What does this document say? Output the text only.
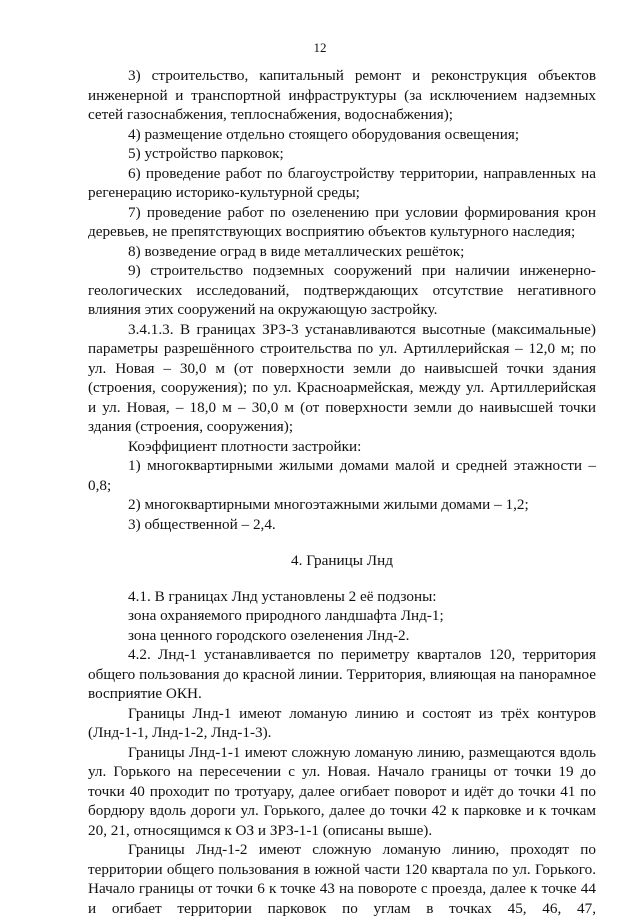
12

3) строительство, капитальный ремонт и реконструкция объектов инженерной и транспортной инфраструктуры (за исключением надземных сетей газоснабжения, теплоснабжения, водоснабжения);

4) размещение отдельно стоящего оборудования освещения;

5) устройство парковок;

6) проведение работ по благоустройству территории, направленных на регенерацию историко-культурной среды;

7) проведение работ по озеленению при условии формирования крон деревьев, не препятствующих восприятию объектов культурного наследия;

8) возведение оград в виде металлических решёток;

9) строительство подземных сооружений при наличии инженерно-геологических исследований, подтверждающих отсутствие негативного влияния этих сооружений на окружающую застройку.

3.4.1.3. В границах ЗРЗ-3 устанавливаются высотные (максимальные) параметры разрешённого строительства по ул. Артиллерийская – 12,0 м; по ул. Новая – 30,0 м (от поверхности земли до наивысшей точки здания (строения, сооружения); по ул. Красноармейская, между ул. Артиллерийская и ул. Новая, – 18,0 м – 30,0 м (от поверхности земли до наивысшей точки здания (строения, сооружения);

Коэффициент плотности застройки:

1) многоквартирными жилыми домами малой и средней этажности – 0,8;

2) многоквартирными многоэтажными жилыми домами – 1,2;

3) общественной – 2,4.

4. Границы Лнд

4.1. В границах Лнд установлены 2 её подзоны:

зона охраняемого природного ландшафта Лнд-1;

зона ценного городского озеленения Лнд-2.

4.2. Лнд-1 устанавливается по периметру кварталов 120, территория общего пользования до красной линии. Территория, влияющая на панорамное восприятие ОКН.

Границы Лнд-1 имеют ломаную линию и состоят из трёх контуров (Лнд-1-1, Лнд-1-2, Лнд-1-3).

Границы Лнд-1-1 имеют сложную ломаную линию, размещаются вдоль ул. Горького на пересечении с ул. Новая. Начало границы от точки 19 до точки 40 проходит по тротуару, далее огибает поворот и идёт до точки 41 по бордюру вдоль дороги ул. Горького, далее до точки 42 к парковке и к точкам 20, 21, относящимся к ОЗ и ЗРЗ-1-1 (описаны выше).

Границы Лнд-1-2 имеют сложную ломаную линию, проходят по территории общего пользования в южной части 120 квартала по ул. Горького. Начало границы от точки 6 к точке 43 на повороте с проезда, далее к точке 44 и огибает территории парковок по углам в точках 45, 46, 47,
